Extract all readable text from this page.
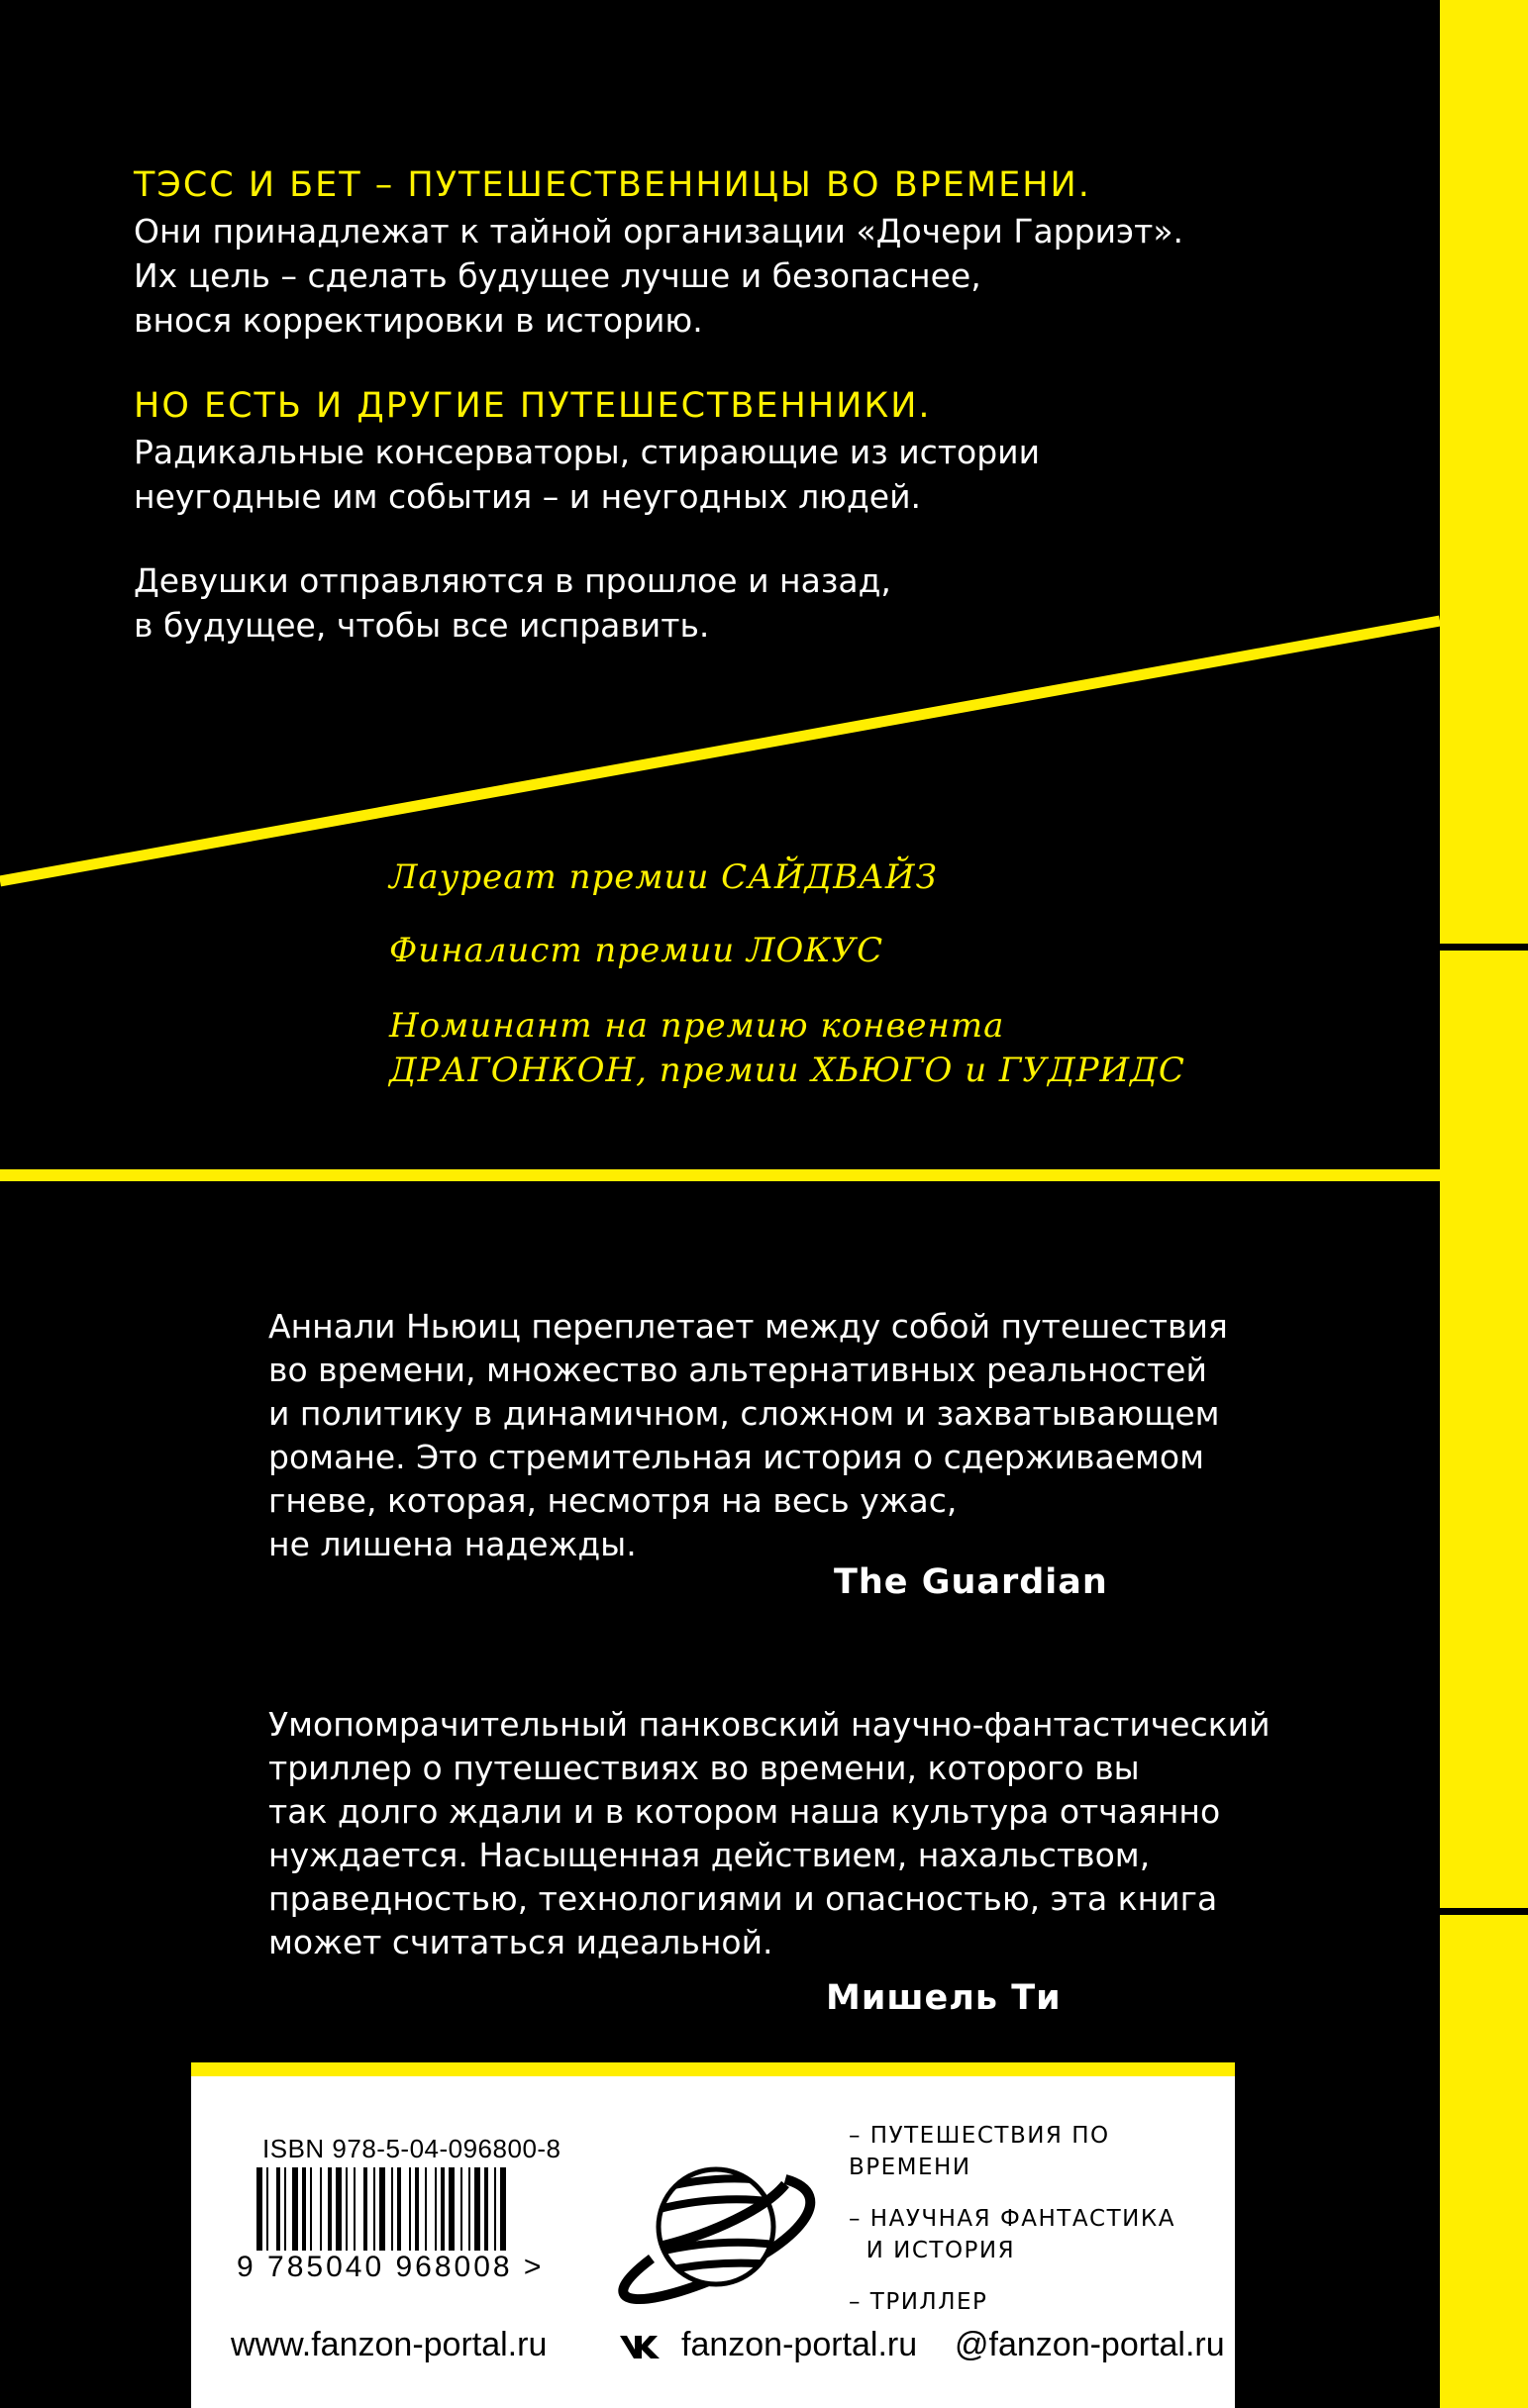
ТЭСС И БЕТ – ПУТЕШЕСТВЕННИЦЫ ВО ВРЕМЕНИ.
Они принадлежат к тайной организации «Дочери Гарриэт».
Их цель – сделать будущее лучше и безопаснее,
внося корректировки в историю.
НО ЕСТЬ И ДРУГИЕ ПУТЕШЕСТВЕННИКИ.
Радикальные консерваторы, стирающие из истории
неугодные им события – и неугодных людей.
Девушки отправляются в прошлое и назад,
в будущее, чтобы все исправить.
Лауреат премии САЙДВАЙЗ
Финалист премии ЛОКУС
Номинант на премию конвента
ДРАГОНКОН, премии ХЬЮГО и ГУДРИДС
Аннали Ньюиц переплетает между собой путешествия
во времени, множество альтернативных реальностей
и политику в динамичном, сложном и захватывающем
романе. Это стремительная история о сдерживаемом
гневе, которая, несмотря на весь ужас,
не лишена надежды.
The Guardian
Умопомрачительный панковский научно-фантастический
триллер о путешествиях во времени, которого вы
так долго ждали и в котором наша культура отчаянно
нуждается. Насыщенная действием, нахальством,
праведностью, технологиями и опасностью, эта книга
может считаться идеальной.
Мишель Ти
ISBN 978-5-04-096800-8
9 785040 968008 >
– ПУТЕШЕСТВИЯ ПО ВРЕМЕНИ
– НАУЧНАЯ ФАНТАСТИКА
И ИСТОРИЯ
– ТРИЛЛЕР
www.fanzon-portal.ru	fanzon-portal.ru @fanzon-portal.ru
